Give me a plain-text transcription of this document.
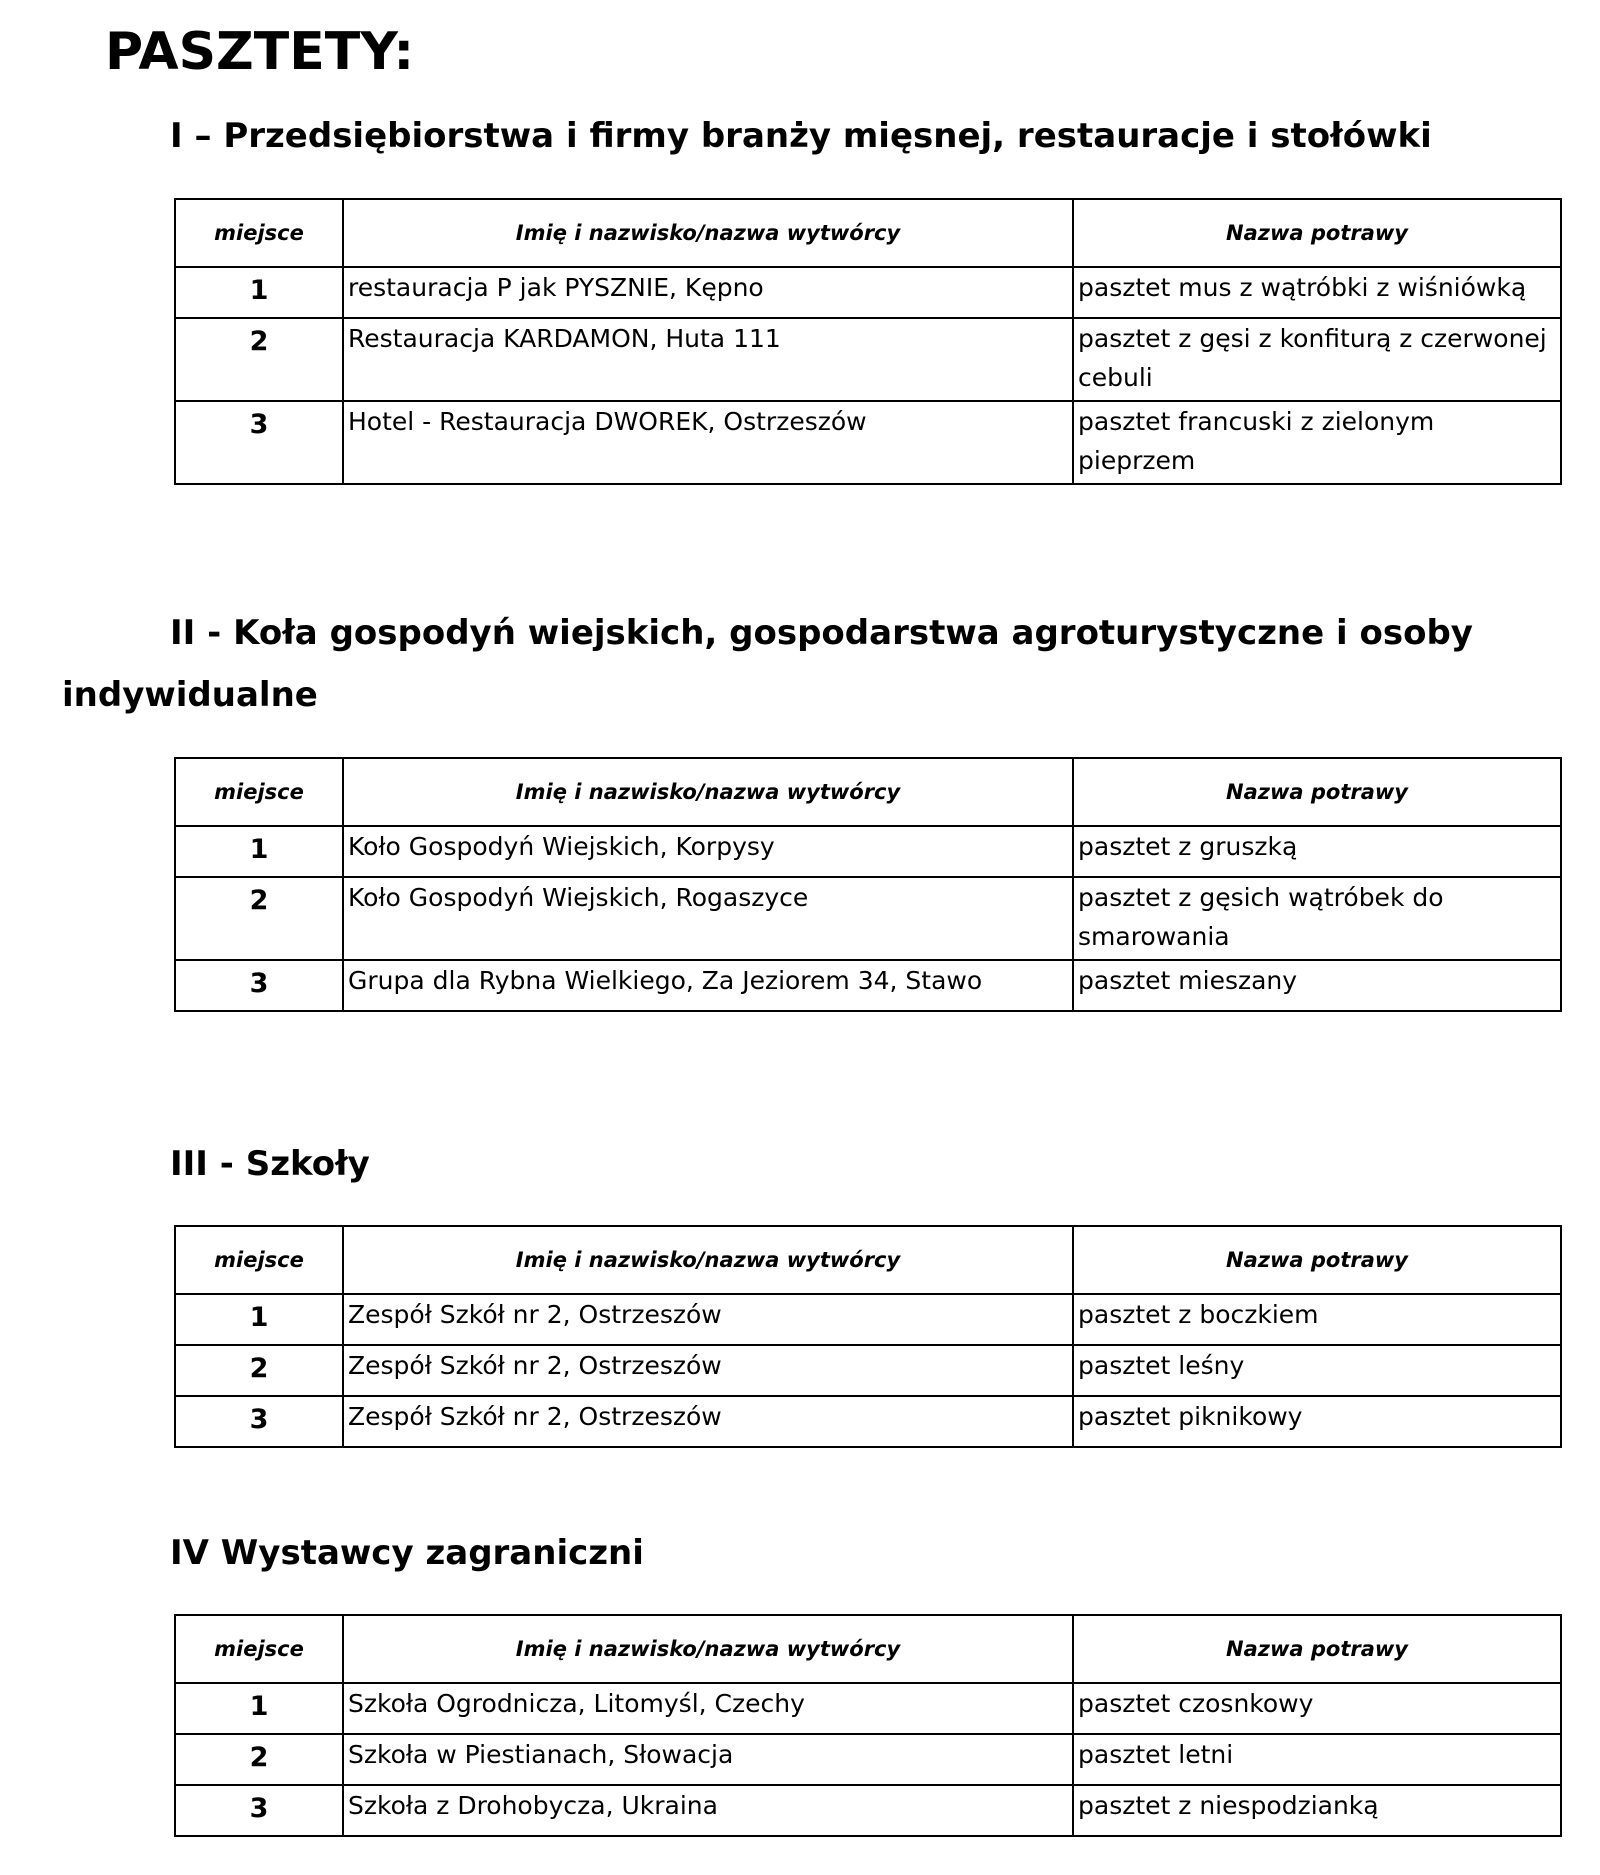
PASZTETY:
I – Przedsiębiorstwa i firmy branży mięsnej, restauracje i stołówki
miejsce	Imię i nazwisko/nazwa wytwórcy	Nazwa potrawy
1	restauracja P jak PYSZNIE, Kępno	pasztet mus z wątróbki z wiśniówką
2	Restauracja KARDAMON, Huta 111	pasztet z gęsi z konfiturą z czerwonej cebuli
3	Hotel - Restauracja DWOREK, Ostrzeszów	pasztet francuski z zielonym pieprzem
II - Koła gospodyń wiejskich, gospodarstwa agroturystyczne i osoby
indywidualne
miejsce	Imię i nazwisko/nazwa wytwórcy	Nazwa potrawy
1	Koło Gospodyń Wiejskich, Korpysy	pasztet z gruszką
2	Koło Gospodyń Wiejskich, Rogaszyce	pasztet z gęsich wątróbek do smarowania
3	Grupa dla Rybna Wielkiego, Za Jeziorem 34, Stawo	pasztet mieszany
III - Szkoły
miejsce	Imię i nazwisko/nazwa wytwórcy	Nazwa potrawy
1	Zespół Szkół nr 2, Ostrzeszów	pasztet z boczkiem
2	Zespół Szkół nr 2, Ostrzeszów	pasztet leśny
3	Zespół Szkół nr 2, Ostrzeszów	pasztet piknikowy
IV Wystawcy zagraniczni
miejsce	Imię i nazwisko/nazwa wytwórcy	Nazwa potrawy
1	Szkoła Ogrodnicza, Litomyśl, Czechy	pasztet czosnkowy
2	Szkoła w Piestianach, Słowacja	pasztet letni
3	Szkoła z Drohobycza, Ukraina	pasztet z niespodzianką
